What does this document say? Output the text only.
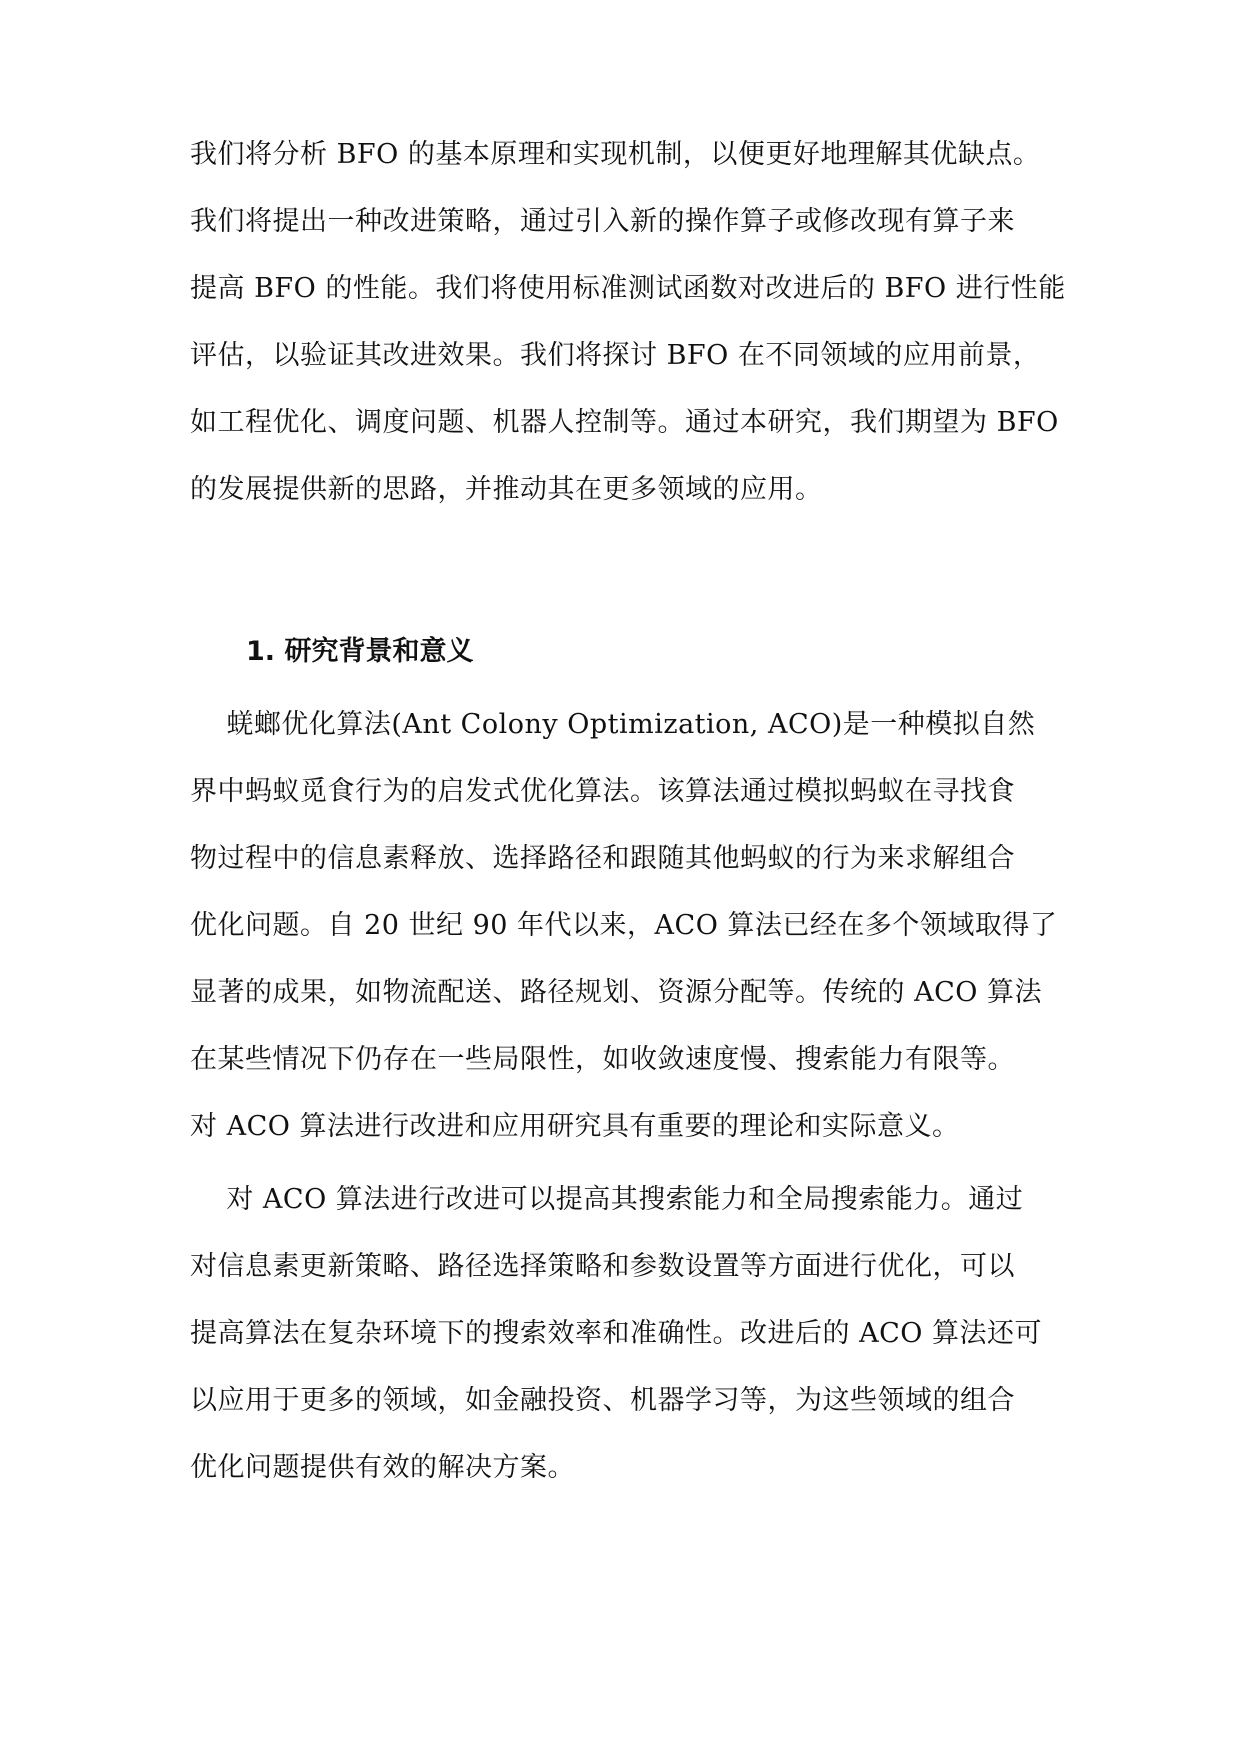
我们将分析 BFO 的基本原理和实现机制，以便更好地理解其优缺点。
我们将提出一种改进策略，通过引入新的操作算子或修改现有算子来
提高 BFO 的性能。我们将使用标准测试函数对改进后的 BFO 进行性能
评估，以验证其改进效果。我们将探讨 BFO 在不同领域的应用前景，
如工程优化、调度问题、机器人控制等。通过本研究，我们期望为 BFO
的发展提供新的思路，并推动其在更多领域的应用。
1. 研究背景和意义
蜣螂优化算法(Ant Colony Optimization, ACO)是一种模拟自然
界中蚂蚁觅食行为的启发式优化算法。该算法通过模拟蚂蚁在寻找食
物过程中的信息素释放、选择路径和跟随其他蚂蚁的行为来求解组合
优化问题。自 20 世纪 90 年代以来，ACO 算法已经在多个领域取得了
显著的成果，如物流配送、路径规划、资源分配等。传统的 ACO 算法
在某些情况下仍存在一些局限性，如收敛速度慢、搜索能力有限等。
对 ACO 算法进行改进和应用研究具有重要的理论和实际意义。
对 ACO 算法进行改进可以提高其搜索能力和全局搜索能力。通过
对信息素更新策略、路径选择策略和参数设置等方面进行优化，可以
提高算法在复杂环境下的搜索效率和准确性。改进后的 ACO 算法还可
以应用于更多的领域，如金融投资、机器学习等，为这些领域的组合
优化问题提供有效的解决方案。
